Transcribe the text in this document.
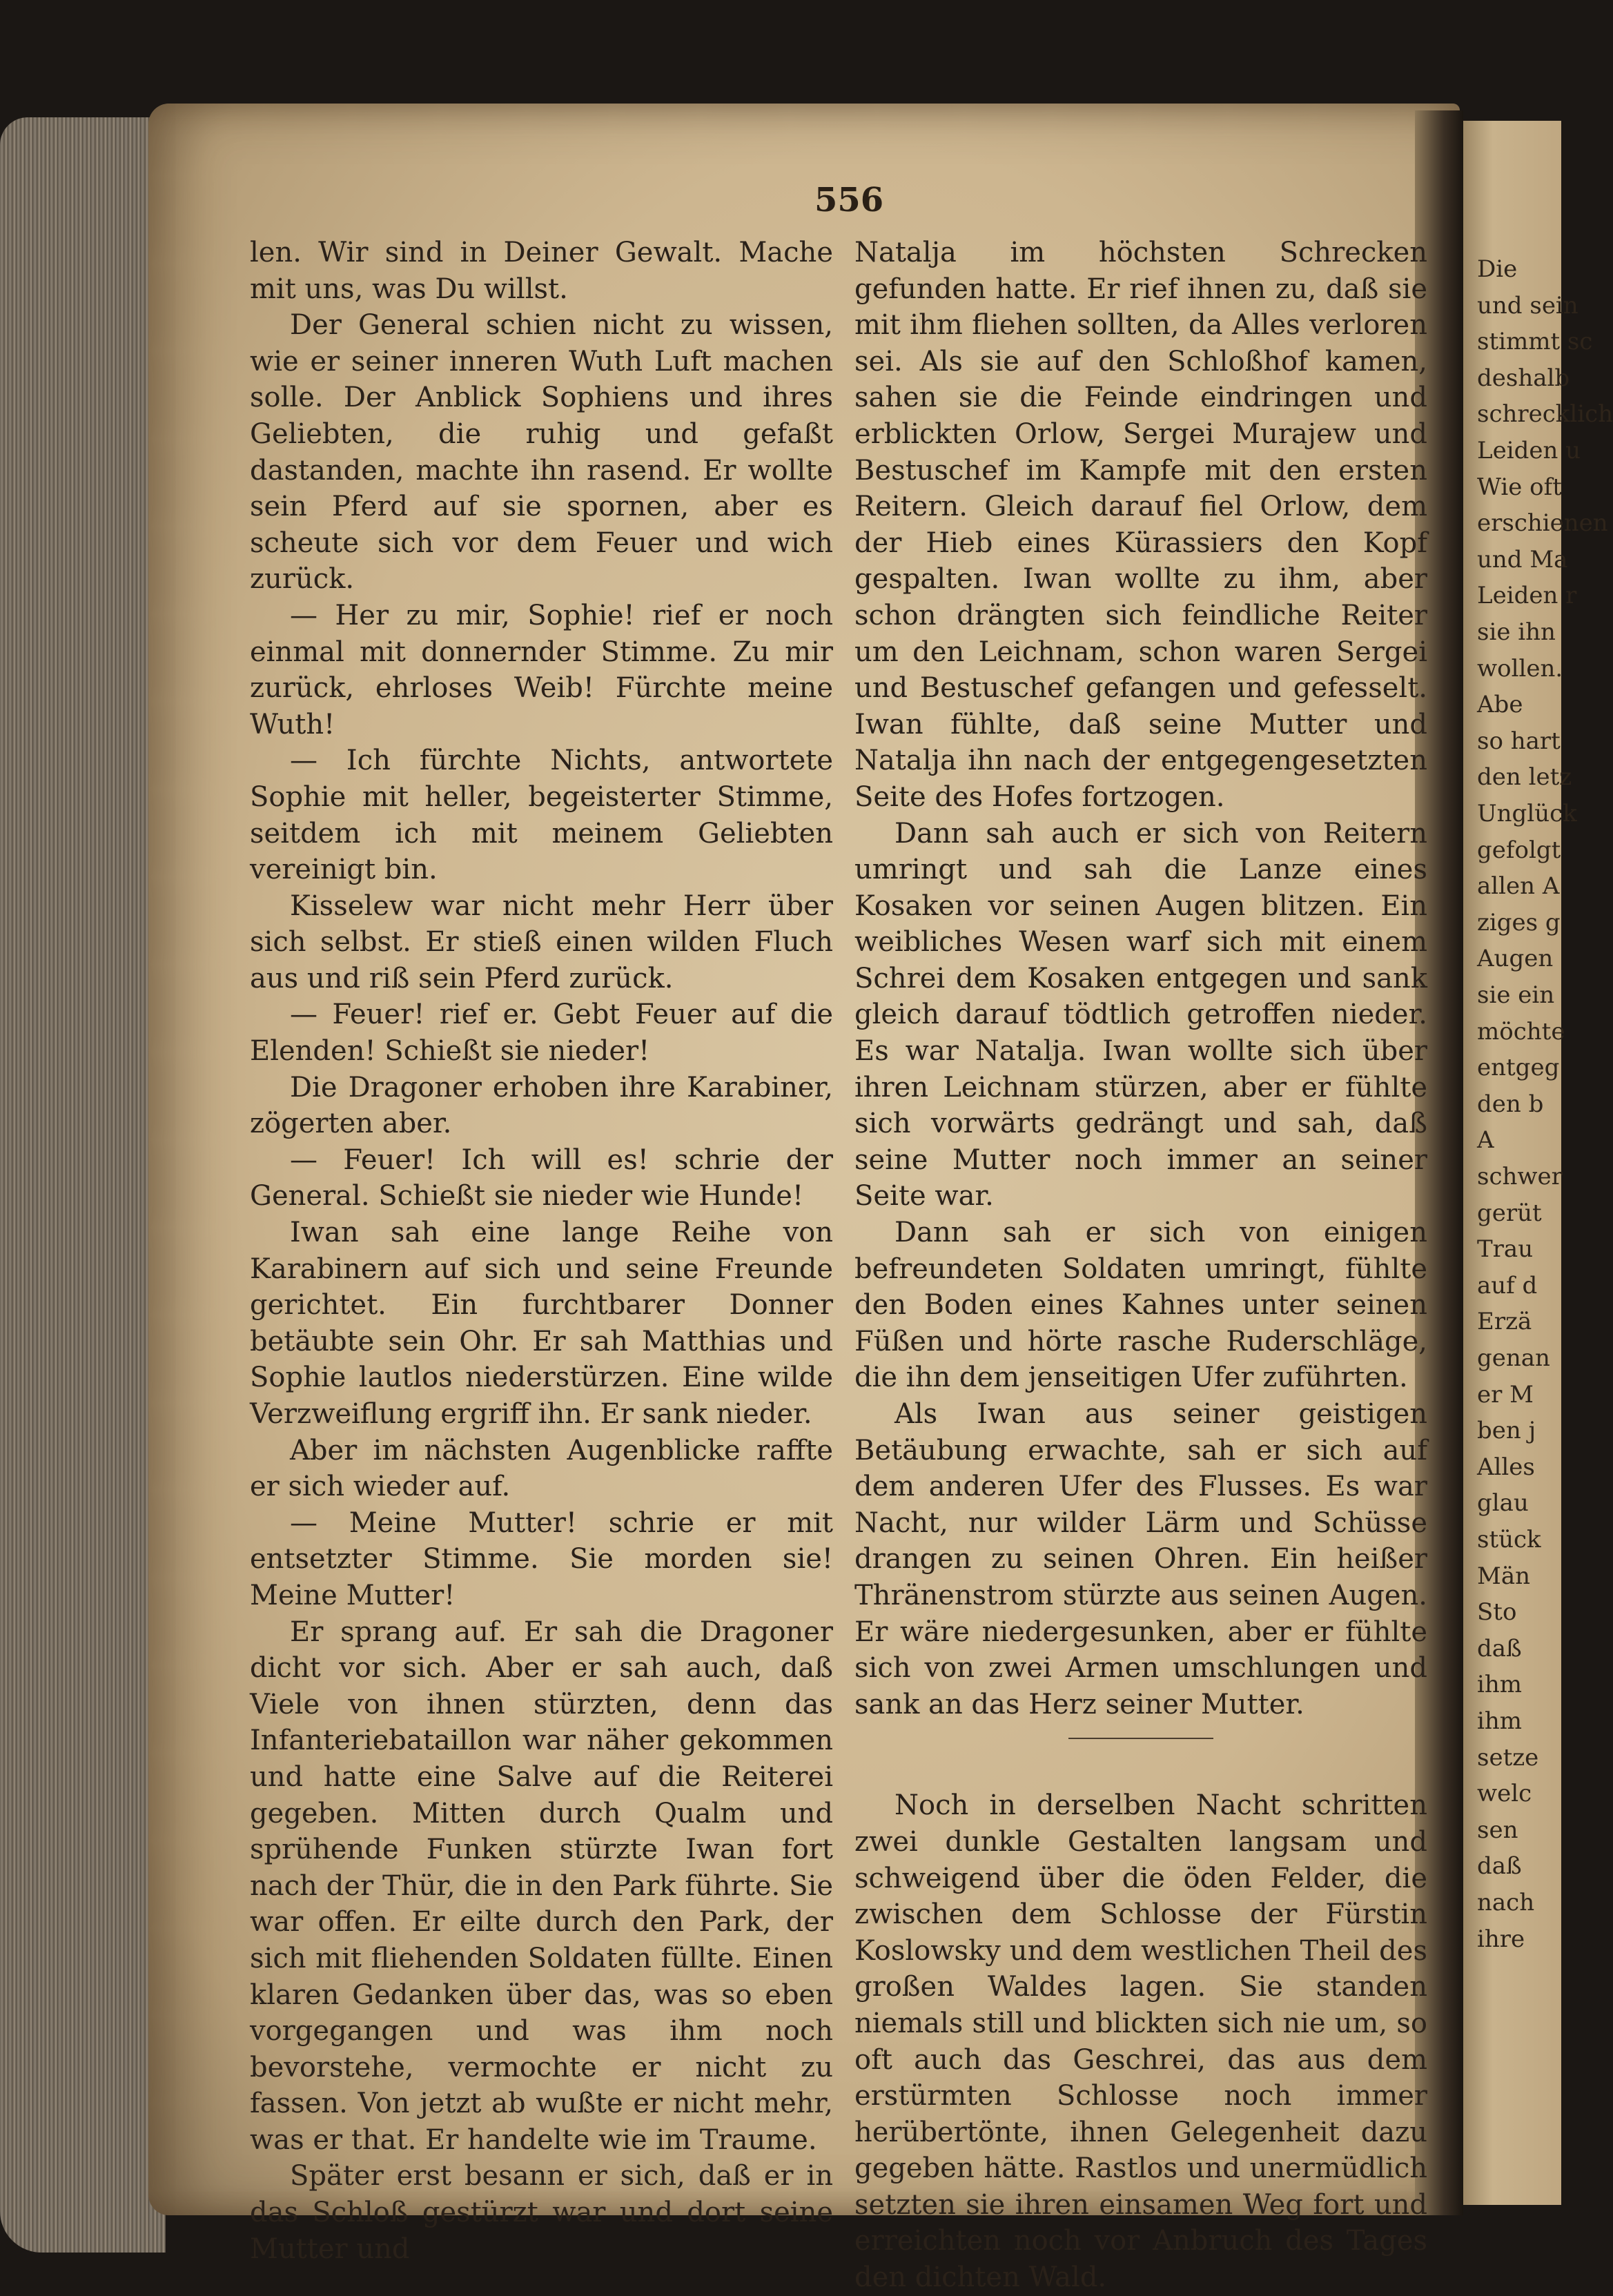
Die
und sein
stimmt sc
deshalb
schrecklich
Leiden u
Wie oft
erschienen
und Ma
Leiden r
sie ihn
wollen.
Abe
so hart
den letz
Unglück
gefolgt
allen A
ziges g
Augen
sie ein
möchte
entgeg
den b
A
schwer
gerüt
Trau
auf d
Erzä
genan
er M
ben j
Alles
glau
stück
Män
Sto
daß
ihm
ihm
setze
welc
sen
daß
nach
ihre
556

len. Wir sind in Deiner Gewalt. Mache mit uns, was Du willst.

Der General schien nicht zu wissen, wie er seiner inneren Wuth Luft machen solle. Der Anblick Sophiens und ihres Geliebten, die ruhig und gefaßt dastanden, machte ihn rasend. Er wollte sein Pferd auf sie spornen, aber es scheute sich vor dem Feuer und wich zurück.

— Her zu mir, Sophie! rief er noch einmal mit donnernder Stimme. Zu mir zurück, ehrloses Weib! Fürchte meine Wuth!

— Ich fürchte Nichts, antwortete Sophie mit heller, begeisterter Stimme, seitdem ich mit meinem Geliebten vereinigt bin.

Kisselew war nicht mehr Herr über sich selbst. Er stieß einen wilden Fluch aus und riß sein Pferd zurück.

— Feuer! rief er. Gebt Feuer auf die Elenden! Schießt sie nieder!

Die Dragoner erhoben ihre Karabiner, zögerten aber.

— Feuer! Ich will es! schrie der General. Schießt sie nieder wie Hunde!

Iwan sah eine lange Reihe von Karabinern auf sich und seine Freunde gerichtet. Ein furchtbarer Donner betäubte sein Ohr. Er sah Matthias und Sophie lautlos niederstürzen. Eine wilde Verzweiflung ergriff ihn. Er sank nieder.

Aber im nächsten Augenblicke raffte er sich wieder auf.

— Meine Mutter! schrie er mit entsetzter Stimme. Sie morden sie! Meine Mutter!

Er sprang auf. Er sah die Dragoner dicht vor sich. Aber er sah auch, daß Viele von ihnen stürzten, denn das Infanteriebataillon war näher gekommen und hatte eine Salve auf die Reiterei gegeben. Mitten durch Qualm und sprühende Funken stürzte Iwan fort nach der Thür, die in den Park führte. Sie war offen. Er eilte durch den Park, der sich mit fliehenden Soldaten füllte. Einen klaren Gedanken über das, was so eben vorgegangen und was ihm noch bevorstehe, vermochte er nicht zu fassen. Von jetzt ab wußte er nicht mehr, was er that. Er handelte wie im Traume.

Später erst besann er sich, daß er in das Schloß gestürzt war und dort seine Mutter und

Natalja im höchsten Schrecken gefunden hatte. Er rief ihnen zu, daß sie mit ihm fliehen sollten, da Alles verloren sei. Als sie auf den Schloßhof kamen, sahen sie die Feinde eindringen und erblickten Orlow, Sergei Murajew und Bestuschef im Kampfe mit den ersten Reitern. Gleich darauf fiel Orlow, dem der Hieb eines Kürassiers den Kopf gespalten. Iwan wollte zu ihm, aber schon drängten sich feindliche Reiter um den Leichnam, schon waren Sergei und Bestuschef gefangen und gefesselt. Iwan fühlte, daß seine Mutter und Natalja ihn nach der entgegengesetzten Seite des Hofes fortzogen.

Dann sah auch er sich von Reitern umringt und sah die Lanze eines Kosaken vor seinen Augen blitzen. Ein weibliches Wesen warf sich mit einem Schrei dem Kosaken entgegen und sank gleich darauf tödtlich getroffen nieder. Es war Natalja. Iwan wollte sich über ihren Leichnam stürzen, aber er fühlte sich vorwärts gedrängt und sah, daß seine Mutter noch immer an seiner Seite war.

Dann sah er sich von einigen befreundeten Soldaten umringt, fühlte den Boden eines Kahnes unter seinen Füßen und hörte rasche Ruderschläge, die ihn dem jenseitigen Ufer zuführten.

Als Iwan aus seiner geistigen Betäubung erwachte, sah er sich auf dem anderen Ufer des Flusses. Es war Nacht, nur wilder Lärm und Schüsse drangen zu seinen Ohren. Ein heißer Thränenstrom stürzte aus seinen Augen. Er wäre niedergesunken, aber er fühlte sich von zwei Armen umschlungen und sank an das Herz seiner Mutter.

Noch in derselben Nacht schritten zwei dunkle Gestalten langsam und schweigend über die öden Felder, die zwischen dem Schlosse der Fürstin Koslowsky und dem westlichen Theil des großen Waldes lagen. Sie standen niemals still und blickten sich nie um, so oft auch das Geschrei, das aus dem erstürmten Schlosse noch immer herübertönte, ihnen Gelegenheit dazu gegeben hätte. Rastlos und unermüdlich setzten sie ihren einsamen Weg fort und erreichten noch vor Anbruch des Tages den dichten Wald.
